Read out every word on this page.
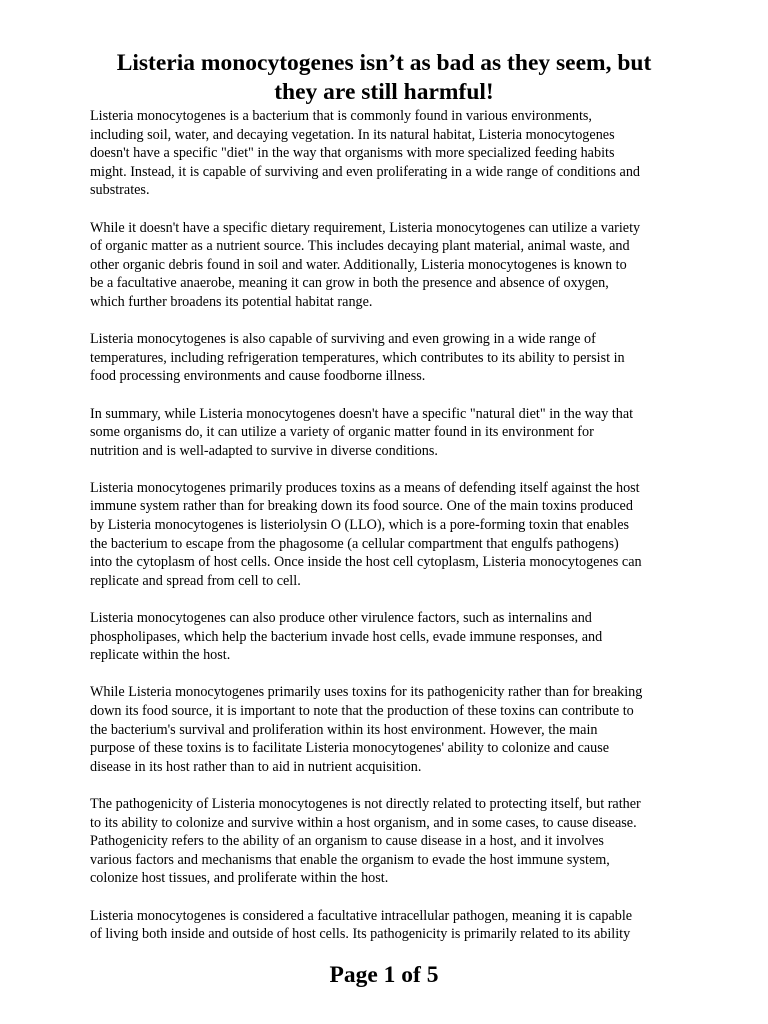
Listeria monocytogenes isn’t as bad as they seem, but
they are still harmful!

Listeria monocytogenes is a bacterium that is commonly found in various environments,
including soil, water, and decaying vegetation. In its natural habitat, Listeria monocytogenes
doesn't have a specific "diet" in the way that organisms with more specialized feeding habits
might. Instead, it is capable of surviving and even proliferating in a wide range of conditions and
substrates.

While it doesn't have a specific dietary requirement, Listeria monocytogenes can utilize a variety
of organic matter as a nutrient source. This includes decaying plant material, animal waste, and
other organic debris found in soil and water. Additionally, Listeria monocytogenes is known to
be a facultative anaerobe, meaning it can grow in both the presence and absence of oxygen,
which further broadens its potential habitat range.

Listeria monocytogenes is also capable of surviving and even growing in a wide range of
temperatures, including refrigeration temperatures, which contributes to its ability to persist in
food processing environments and cause foodborne illness.

In summary, while Listeria monocytogenes doesn't have a specific "natural diet" in the way that
some organisms do, it can utilize a variety of organic matter found in its environment for
nutrition and is well-adapted to survive in diverse conditions.

Listeria monocytogenes primarily produces toxins as a means of defending itself against the host
immune system rather than for breaking down its food source. One of the main toxins produced
by Listeria monocytogenes is listeriolysin O (LLO), which is a pore-forming toxin that enables
the bacterium to escape from the phagosome (a cellular compartment that engulfs pathogens)
into the cytoplasm of host cells. Once inside the host cell cytoplasm, Listeria monocytogenes can
replicate and spread from cell to cell.

Listeria monocytogenes can also produce other virulence factors, such as internalins and
phospholipases, which help the bacterium invade host cells, evade immune responses, and
replicate within the host.

While Listeria monocytogenes primarily uses toxins for its pathogenicity rather than for breaking
down its food source, it is important to note that the production of these toxins can contribute to
the bacterium's survival and proliferation within its host environment. However, the main
purpose of these toxins is to facilitate Listeria monocytogenes' ability to colonize and cause
disease in its host rather than to aid in nutrient acquisition.

The pathogenicity of Listeria monocytogenes is not directly related to protecting itself, but rather
to its ability to colonize and survive within a host organism, and in some cases, to cause disease.
Pathogenicity refers to the ability of an organism to cause disease in a host, and it involves
various factors and mechanisms that enable the organism to evade the host immune system,
colonize host tissues, and proliferate within the host.

Listeria monocytogenes is considered a facultative intracellular pathogen, meaning it is capable
of living both inside and outside of host cells. Its pathogenicity is primarily related to its ability

Page 1 of 5
